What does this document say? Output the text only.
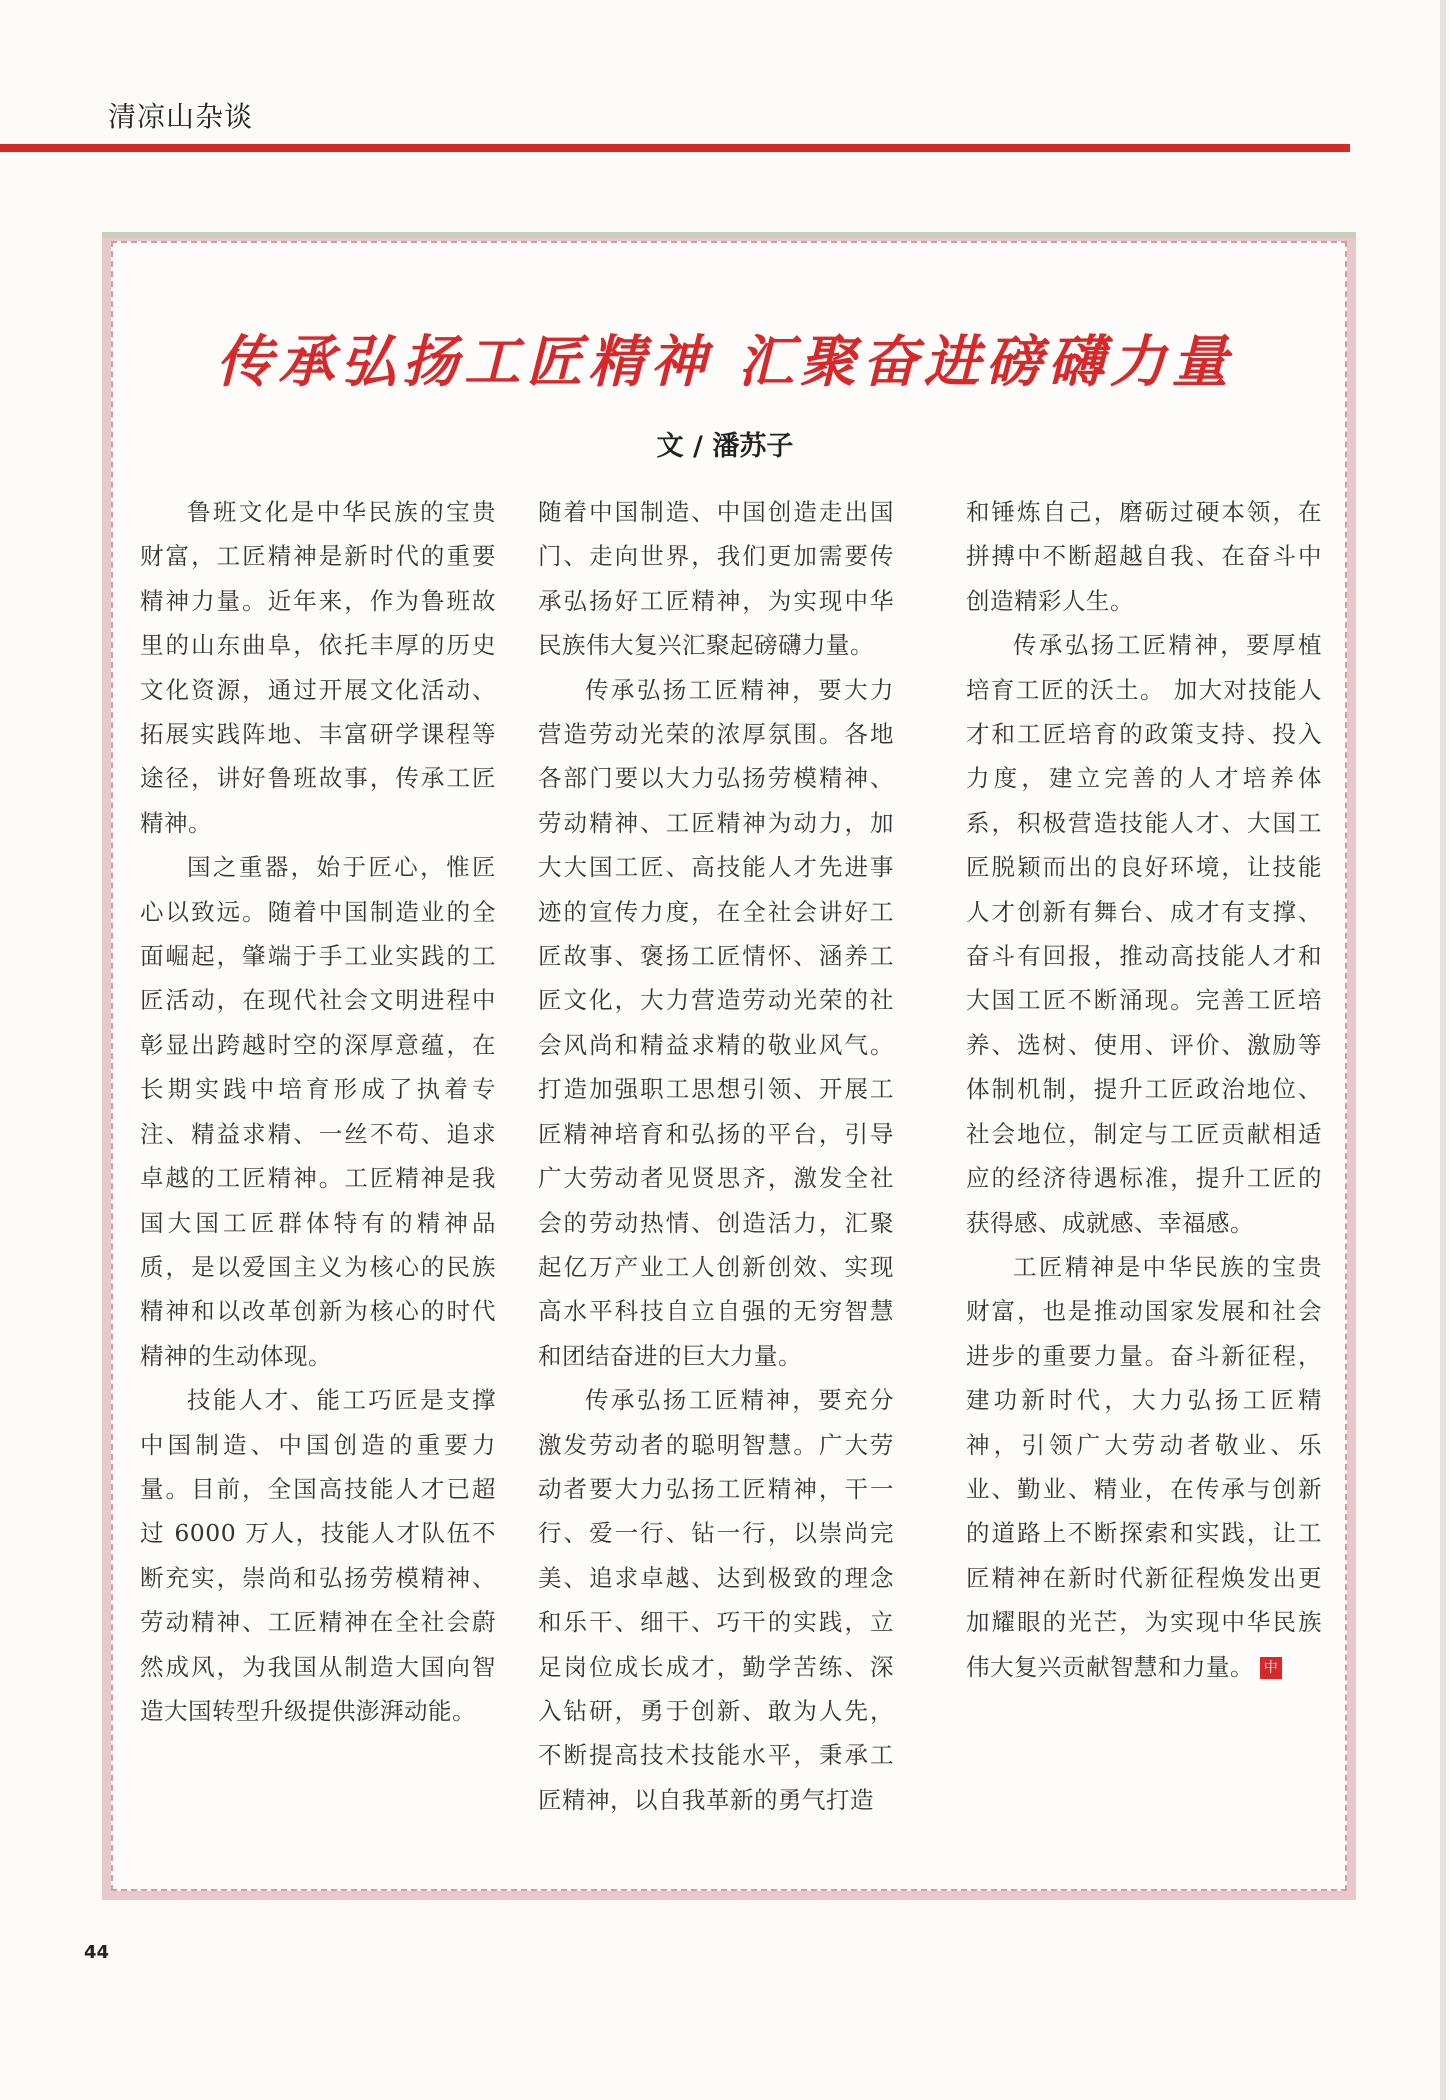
清凉山杂谈
传承弘扬工匠精神 汇聚奋进磅礴力量
文 / 潘苏子

鲁班文化是中华民族的宝贵财富，工匠精神是新时代的重要精神力量。近年来，作为鲁班故里的山东曲阜，依托丰厚的历史文化资源，通过开展文化活动、拓展实践阵地、丰富研学课程等途径，讲好鲁班故事，传承工匠精神。

国之重器，始于匠心，惟匠心以致远。随着中国制造业的全面崛起，肇端于手工业实践的工匠活动，在现代社会文明进程中彰显出跨越时空的深厚意蕴，在长期实践中培育形成了执着专注、精益求精、一丝不苟、追求卓越的工匠精神。工匠精神是我国大国工匠群体特有的精神品质，是以爱国主义为核心的民族精神和以改革创新为核心的时代精神的生动体现。

技能人才、能工巧匠是支撑中国制造、中国创造的重要力量。目前，全国高技能人才已超过 6000 万人，技能人才队伍不断充实，崇尚和弘扬劳模精神、劳动精神、工匠精神在全社会蔚然成风，为我国从制造大国向智造大国转型升级提供澎湃动能。

随着中国制造、中国创造走出国门、走向世界，我们更加需要传承弘扬好工匠精神，为实现中华民族伟大复兴汇聚起磅礴力量。

传承弘扬工匠精神，要大力营造劳动光荣的浓厚氛围。各地各部门要以大力弘扬劳模精神、劳动精神、工匠精神为动力，加大大国工匠、高技能人才先进事迹的宣传力度，在全社会讲好工匠故事、褒扬工匠情怀、涵养工匠文化，大力营造劳动光荣的社会风尚和精益求精的敬业风气。打造加强职工思想引领、开展工匠精神培育和弘扬的平台，引导广大劳动者见贤思齐，激发全社会的劳动热情、创造活力，汇聚起亿万产业工人创新创效、实现高水平科技自立自强的无穷智慧和团结奋进的巨大力量。

传承弘扬工匠精神，要充分激发劳动者的聪明智慧。广大劳动者要大力弘扬工匠精神，干一行、爱一行、钻一行，以崇尚完美、追求卓越、达到极致的理念和乐干、细干、巧干的实践，立足岗位成长成才，勤学苦练、深入钻研，勇于创新、敢为人先，不断提高技术技能水平，秉承工匠精神，以自我革新的勇气打造

和锤炼自己，磨砺过硬本领，在拼搏中不断超越自我、在奋斗中创造精彩人生。

传承弘扬工匠精神，要厚植培育工匠的沃土。 加大对技能人才和工匠培育的政策支持、投入力度，建立完善的人才培养体系，积极营造技能人才、大国工匠脱颖而出的良好环境，让技能人才创新有舞台、成才有支撑、奋斗有回报，推动高技能人才和大国工匠不断涌现。完善工匠培养、选树、使用、评价、激励等体制机制，提升工匠政治地位、社会地位，制定与工匠贡献相适应的经济待遇标准，提升工匠的获得感、成就感、幸福感。

工匠精神是中华民族的宝贵财富，也是推动国家发展和社会进步的重要力量。奋斗新征程，建功新时代，大力弘扬工匠精神，引领广大劳动者敬业、乐业、勤业、精业，在传承与创新的道路上不断探索和实践，让工匠精神在新时代新征程焕发出更加耀眼的光芒，为实现中华民族伟大复兴贡献智慧和力量。 中

44
